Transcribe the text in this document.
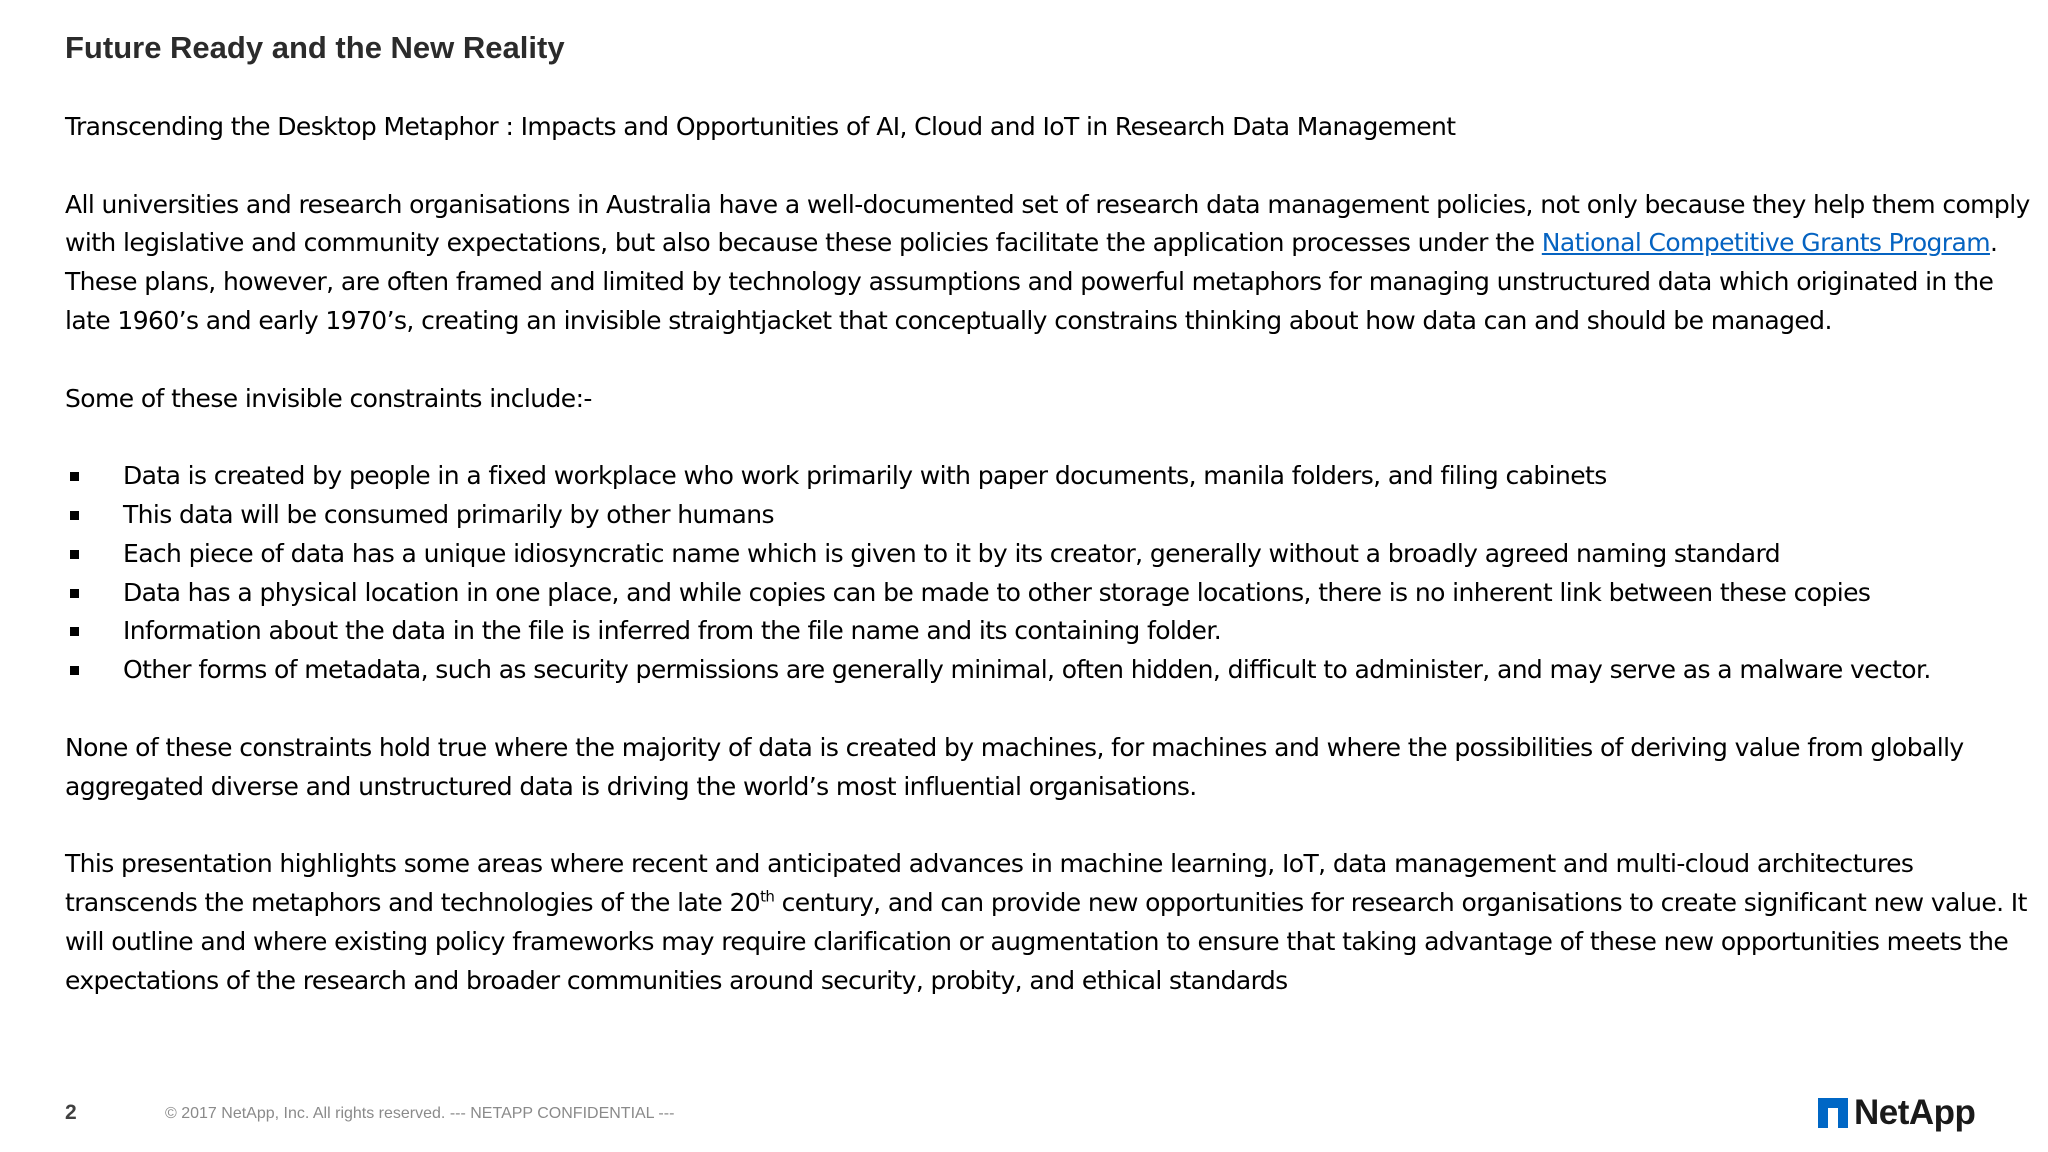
Future Ready and the New Reality

Transcending the Desktop Metaphor : Impacts and Opportunities of AI, Cloud and IoT in Research Data Management

All universities and research organisations in Australia have a well-documented set of research data management policies, not only because they help them comply with legislative and community expectations, but also because these policies facilitate the application processes under the National Competitive Grants Program. These plans, however, are often framed and limited by technology assumptions and powerful metaphors for managing unstructured data which originated in the late 1960’s and early 1970’s, creating an invisible straightjacket that conceptually constrains thinking about how data can and should be managed.

Some of these invisible constraints include:-

Data is created by people in a fixed workplace who work primarily with paper documents, manila folders, and filing cabinets
This data will be consumed primarily by other humans
Each piece of data has a unique idiosyncratic name which is given to it by its creator, generally without a broadly agreed naming standard
Data has a physical location in one place, and while copies can be made to other storage locations, there is no inherent link between these copies
Information about the data in the file is inferred from the file name and its containing folder.
Other forms of metadata, such as security permissions are generally minimal, often hidden, difficult to administer, and may serve as a malware vector.

None of these constraints hold true where the majority of data is created by machines, for machines and where the possibilities of deriving value from globally aggregated diverse and unstructured data is driving the world’s most influential organisations.

This presentation highlights some areas where recent and anticipated advances in machine learning, IoT, data management and multi-cloud architectures transcends the metaphors and technologies of the late 20th century, and can provide new opportunities for research organisations to create significant new value. It will outline and where existing policy frameworks may require clarification or augmentation to ensure that taking advantage of these new opportunities meets the expectations of the research and broader communities around security, probity, and ethical standards

2	© 2017 NetApp, Inc. All rights reserved. --- NETAPP CONFIDENTIAL ---	NetApp
